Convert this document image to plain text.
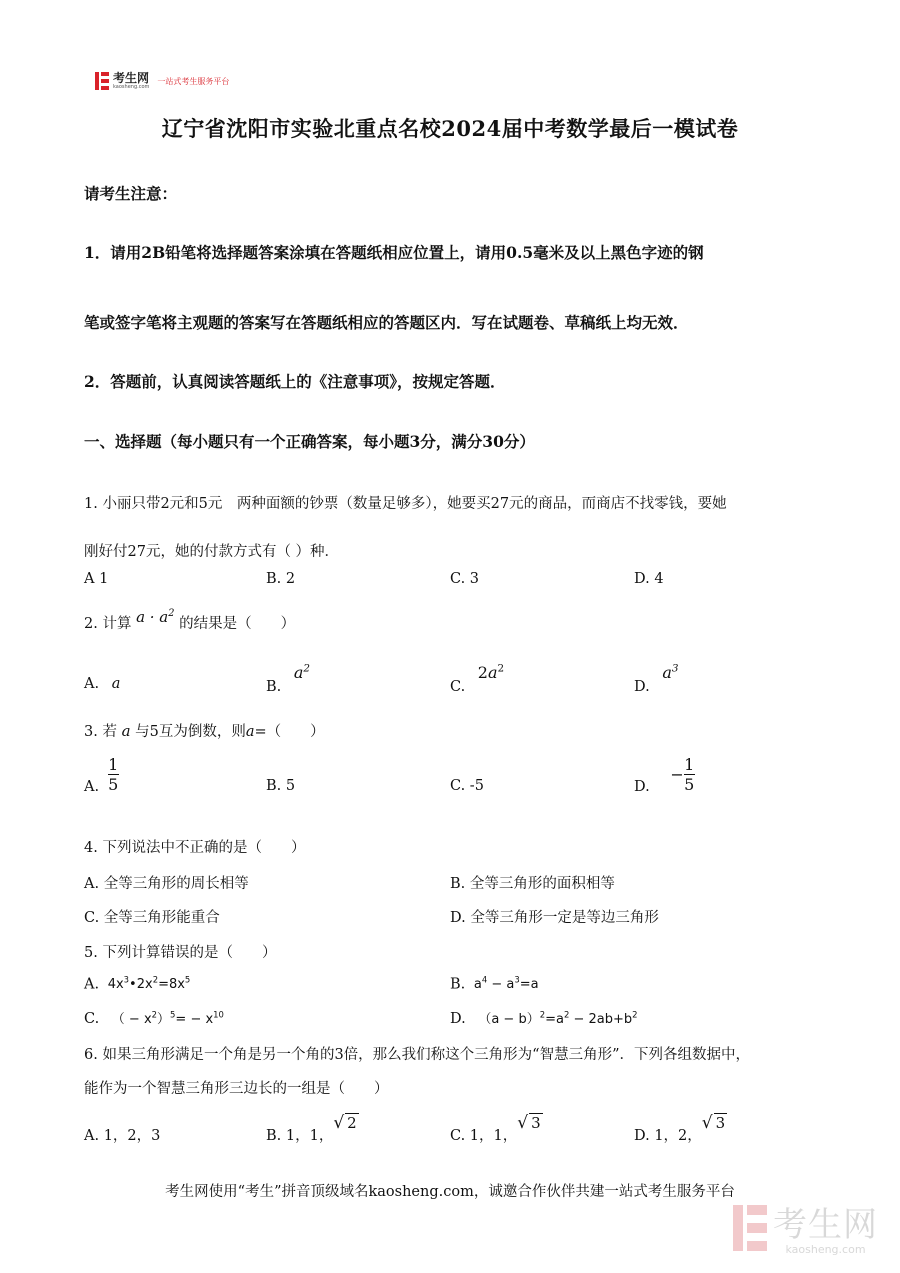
考生网
kaosheng.com
一站式考生服务平台
辽宁省沈阳市实验北重点名校2024届中考数学最后一模试卷
请考生注意：
1．请用2B铅笔将选择题答案涂填在答题纸相应位置上，请用0.5毫米及以上黑色字迹的钢
笔或签字笔将主观题的答案写在答题纸相应的答题区内．写在试题卷、草稿纸上均无效．
2．答题前，认真阅读答题纸上的《注意事项》，按规定答题．
一、选择题（每小题只有一个正确答案，每小题3分，满分30分）
1. 小丽只带2元和5元　两种面额的钞票（数量足够多），她要买27元的商品，而商店不找零钱，要她
刚好付27元，她的付款方式有（ ）种．
A 1	B. 2	C. 3	D. 4
2. 计算 $a \cdot a^2$ 的结果是（　　）
A. a	B. $a^2$
C. $2a^2$
D. $a^3$
3. 若 a 与5互为倒数，则a=（　　）
A. $\frac{1}{5}$	B. 5	C. -5	D. − $\frac{1}{5}$
4. 下列说法中不正确的是（　　）
A. 全等三角形的周长相等	B. 全等三角形的面积相等
C. 全等三角形能重合	D. 全等三角形一定是等边三角形
5. 下列计算错误的是（　　）
A. $4x^3•2x^2=8x^5$	B. $a^4 - a^3=a$
C. （ − $x^2)^5= - x^{10}$	D. $(a - b)^2=a^2 - 2ab+b^2$
6. 如果三角形满足一个角是另一个角的3倍，那么我们称这个三角形为“智慧三角形”．下列各组数据中，
能作为一个智慧三角形三边长的一组是（　　）
A. 1，2，3	B. 1，1，√ 2
C. 1，1，√ 3
D. 1，2，√ 3
考生网使用“考生”拼音顶级域名kaosheng.com，诚邀合作伙伴共建一站式考生服务平台
考生网
kaosheng.com
